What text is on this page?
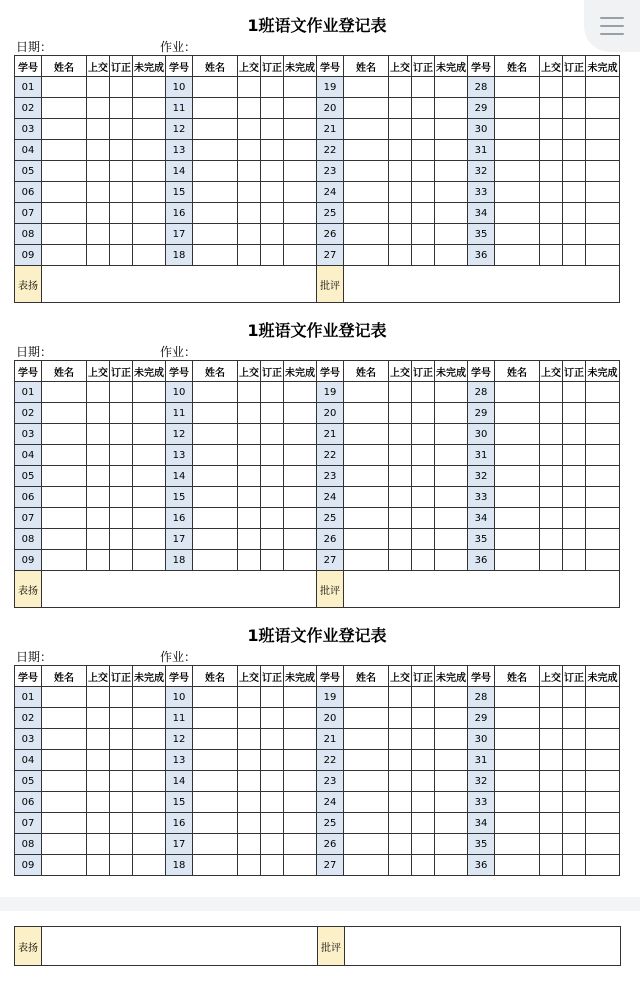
1班语文作业登记表
日期：	作业：
学号	姓名	上交	订正	未完成	学号	姓名	上交	订正	未完成	学号	姓名	上交	订正	未完成	学号	姓名	上交	订正	未完成
01					10					19					28				
02					11					20					29				
03					12					21					30				
04					13					22					31				
05					14					23					32				
06					15					24					33				
07					16					25					34				
08					17					26					35				
09					18					27					36				
表扬										批评									
1班语文作业登记表
日期：	作业：
学号	姓名	上交	订正	未完成	学号	姓名	上交	订正	未完成	学号	姓名	上交	订正	未完成	学号	姓名	上交	订正	未完成
01					10					19					28				
02					11					20					29				
03					12					21					30				
04					13					22					31				
05					14					23					32				
06					15					24					33				
07					16					25					34				
08					17					26					35				
09					18					27					36				
表扬										批评									
1班语文作业登记表
日期：	作业：
学号	姓名	上交	订正	未完成	学号	姓名	上交	订正	未完成	学号	姓名	上交	订正	未完成	学号	姓名	上交	订正	未完成
01					10					19					28				
02					11					20					29				
03					12					21					30				
04					13					22					31				
05					14					23					32				
06					15					24					33				
07					16					25					34				
08					17					26					35				
09					18					27					36				
表扬		批评	
